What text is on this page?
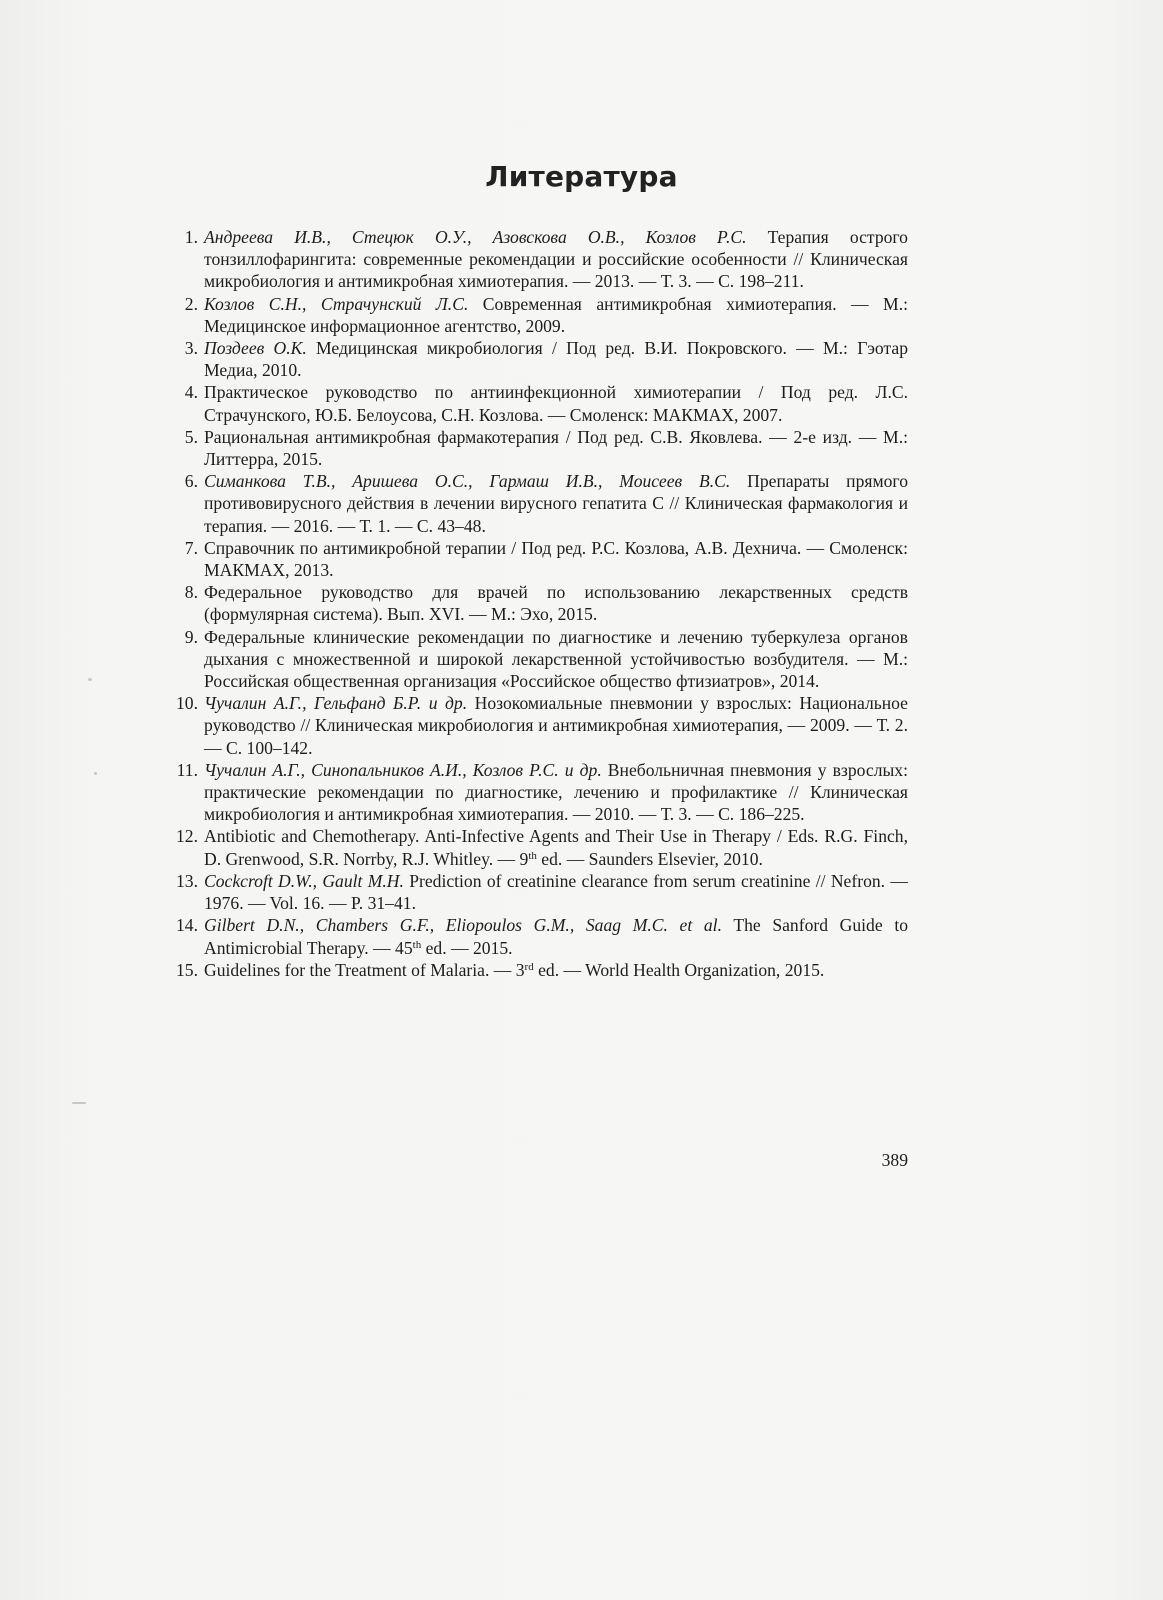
Литература
1. Андреева И.В., Стецюк О.У., Азовскова О.В., Козлов Р.С. Терапия острого тонзиллофарингита: современные рекомендации и российские особенности // Клиническая микробиология и антимикробная химиотерапия. — 2013. — Т. 3. — С. 198–211.
2. Козлов С.Н., Страчунский Л.С. Современная антимикробная химиотерапия. — М.: Медицинское информационное агентство, 2009.
3. Поздеев О.К. Медицинская микробиология / Под ред. В.И. Покровского. — М.: Гэотар Медиа, 2010.
4. Практическое руководство по антиинфекционной химиотерапии / Под ред. Л.С. Страчунского, Ю.Б. Белоусова, С.Н. Козлова. — Смоленск: МАКМАХ, 2007.
5. Рациональная антимикробная фармакотерапия / Под ред. С.В. Яковлева. — 2-е изд. — М.: Литтерра, 2015.
6. Симанкова Т.В., Аришева О.С., Гармаш И.В., Моисеев В.С. Препараты прямого противовирусного действия в лечении вирусного гепатита С // Клиническая фармакология и терапия. — 2016. — Т. 1. — С. 43–48.
7. Справочник по антимикробной терапии / Под ред. Р.С. Козлова, А.В. Дехнича. — Смоленск: МАКМАХ, 2013.
8. Федеральное руководство для врачей по использованию лекарственных средств (формулярная система). Вып. XVI. — М.: Эхо, 2015.
9. Федеральные клинические рекомендации по диагностике и лечению туберкулеза органов дыхания с множественной и широкой лекарственной устойчивостью возбудителя. — М.: Российская общественная организация «Российское общество фтизиатров», 2014.
10. Чучалин А.Г., Гельфанд Б.Р. и др. Нозокомиальные пневмонии у взрослых: Национальное руководство // Клиническая микробиология и антимикробная химиотерапия, — 2009. — Т. 2. — С. 100–142.
11. Чучалин А.Г., Синопальников А.И., Козлов Р.С. и др. Внебольничная пневмония у взрослых: практические рекомендации по диагностике, лечению и профилактике // Клиническая микробиология и антимикробная химиотерапия. — 2010. — Т. 3. — С. 186–225.
12. Antibiotic and Chemotherapy. Anti-Infective Agents and Their Use in Therapy / Eds. R.G. Finch, D. Grenwood, S.R. Norrby, R.J. Whitley. — 9th ed. — Saunders Elsevier, 2010.
13. Cockcroft D.W., Gault M.H. Prediction of creatinine clearance from serum creatinine // Nefron. — 1976. — Vol. 16. — P. 31–41.
14. Gilbert D.N., Chambers G.F., Eliopoulos G.M., Saag M.C. et al. The Sanford Guide to Antimicrobial Therapy. — 45th ed. — 2015.
15. Guidelines for the Treatment of Malaria. — 3rd ed. — World Health Organization, 2015.
389
